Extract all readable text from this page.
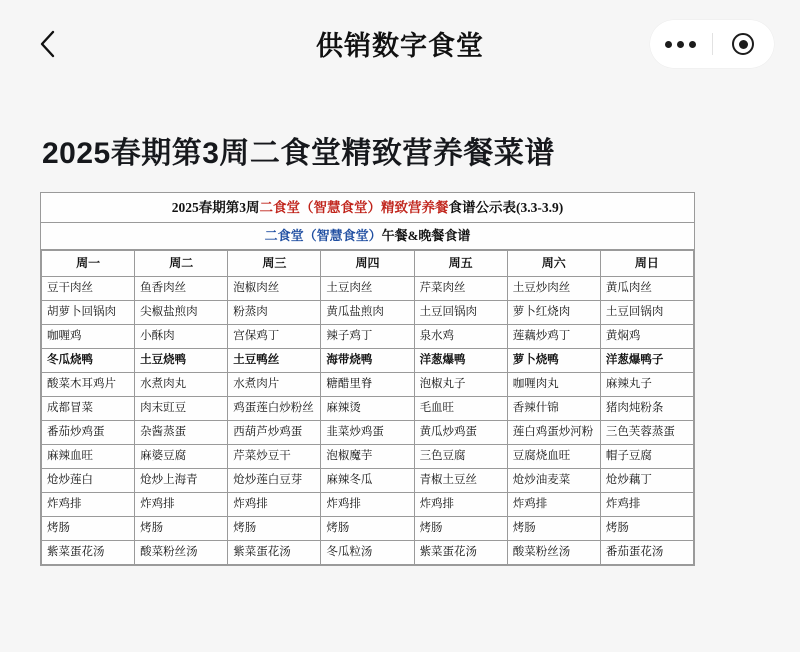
供销数字食堂
2025春期第3周二食堂精致营养餐菜谱
2025春期第3周二食堂（智慧食堂）精致营养餐食谱公示表(3.3-3.9)
二食堂（智慧食堂）午餐&晚餐食谱
周一	周二	周三	周四	周五	周六	周日
豆干肉丝	鱼香肉丝	泡椒肉丝	土豆肉丝	芹菜肉丝	土豆炒肉丝	黄瓜肉丝
胡萝卜回锅肉	尖椒盐煎肉	粉蒸肉	黄瓜盐煎肉	土豆回锅肉	萝卜红烧肉	土豆回锅肉
咖喱鸡	小酥肉	宫保鸡丁	辣子鸡丁	泉水鸡	莲藕炒鸡丁	黄焖鸡
冬瓜烧鸭	土豆烧鸭	土豆鸭丝	海带烧鸭	洋葱爆鸭	萝卜烧鸭	洋葱爆鸭子
酸菜木耳鸡片	水煮肉丸	水煮肉片	糖醋里脊	泡椒丸子	咖喱肉丸	麻辣丸子
成都冒菜	肉末豇豆	鸡蛋莲白炒粉丝	麻辣烫	毛血旺	香辣什锦	猪肉炖粉条
番茄炒鸡蛋	杂酱蒸蛋	西葫芦炒鸡蛋	韭菜炒鸡蛋	黄瓜炒鸡蛋	莲白鸡蛋炒河粉	三色芙蓉蒸蛋
麻辣血旺	麻婆豆腐	芹菜炒豆干	泡椒魔芋	三色豆腐	豆腐烧血旺	帽子豆腐
炝炒莲白	炝炒上海青	炝炒莲白豆芽	麻辣冬瓜	青椒土豆丝	炝炒油麦菜	炝炒藕丁
炸鸡排	炸鸡排	炸鸡排	炸鸡排	炸鸡排	炸鸡排	炸鸡排
烤肠	烤肠	烤肠	烤肠	烤肠	烤肠	烤肠
紫菜蛋花汤	酸菜粉丝汤	紫菜蛋花汤	冬瓜粒汤	紫菜蛋花汤	酸菜粉丝汤	番茄蛋花汤
